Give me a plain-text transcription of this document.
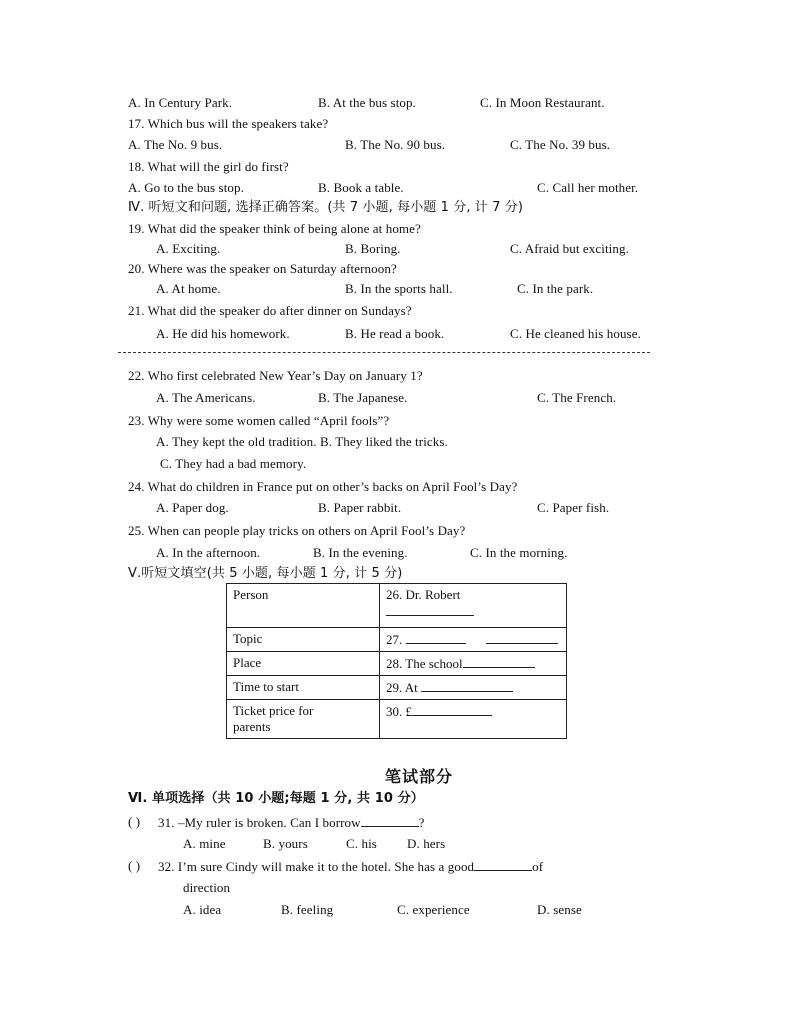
A. In Century Park.	B. At the bus stop.	C. In Moon Restaurant.
17. Which bus will the speakers take?
A. The No. 9 bus.	B. The No. 90 bus.	C. The No. 39 bus.
18. What will the girl do first?
A. Go to the bus stop.	B. Book a table.	C. Call her mother.
Ⅳ. 听短文和问题, 选择正确答案。(共 7 小题, 每小题 1 分, 计 7 分)
19. What did the speaker think of being alone at home?
A. Exciting.	B. Boring.	C. Afraid but exciting.
20. Where was the speaker on Saturday afternoon?
A. At home.	B. In the sports hall.	C. In the park.
21. What did the speaker do after dinner on Sundays?
A. He did his homework.	B. He read a book.	C. He cleaned his house.
22. Who first celebrated New Year’s Day on January 1?
A. The Americans.	B. The Japanese.	C. The French.
23. Why were some women called “April fools”?
A. They kept the old tradition. B. They liked the tricks.
C. They had a bad memory.
24. What do children in France put on other’s backs on April Fool’s Day?
A. Paper dog.	B. Paper rabbit.	C. Paper fish.
25. When can people play tricks on others on April Fool’s Day?
A. In the afternoon.	B. In the evening.	C. In the morning.
Ⅴ.听短文填空(共 5 小题, 每小题 1 分, 计 5 分)
Person	26. Dr. Robert

Topic	27.
Place	28. The school
Time to start	29. At
Ticket price for
parents	30. £
笔试部分
Ⅵ. 单项选择（共 10 小题;每题 1 分, 共 10 分）
( ) 31. –My ruler is broken. Can I borrow	?
A. mine	B. yours	C. his D. hers
( ) 32. I’m sure Cindy will make it to the hotel. She has a good	of
direction
A. idea	B. feeling	C. experience	D. sense
